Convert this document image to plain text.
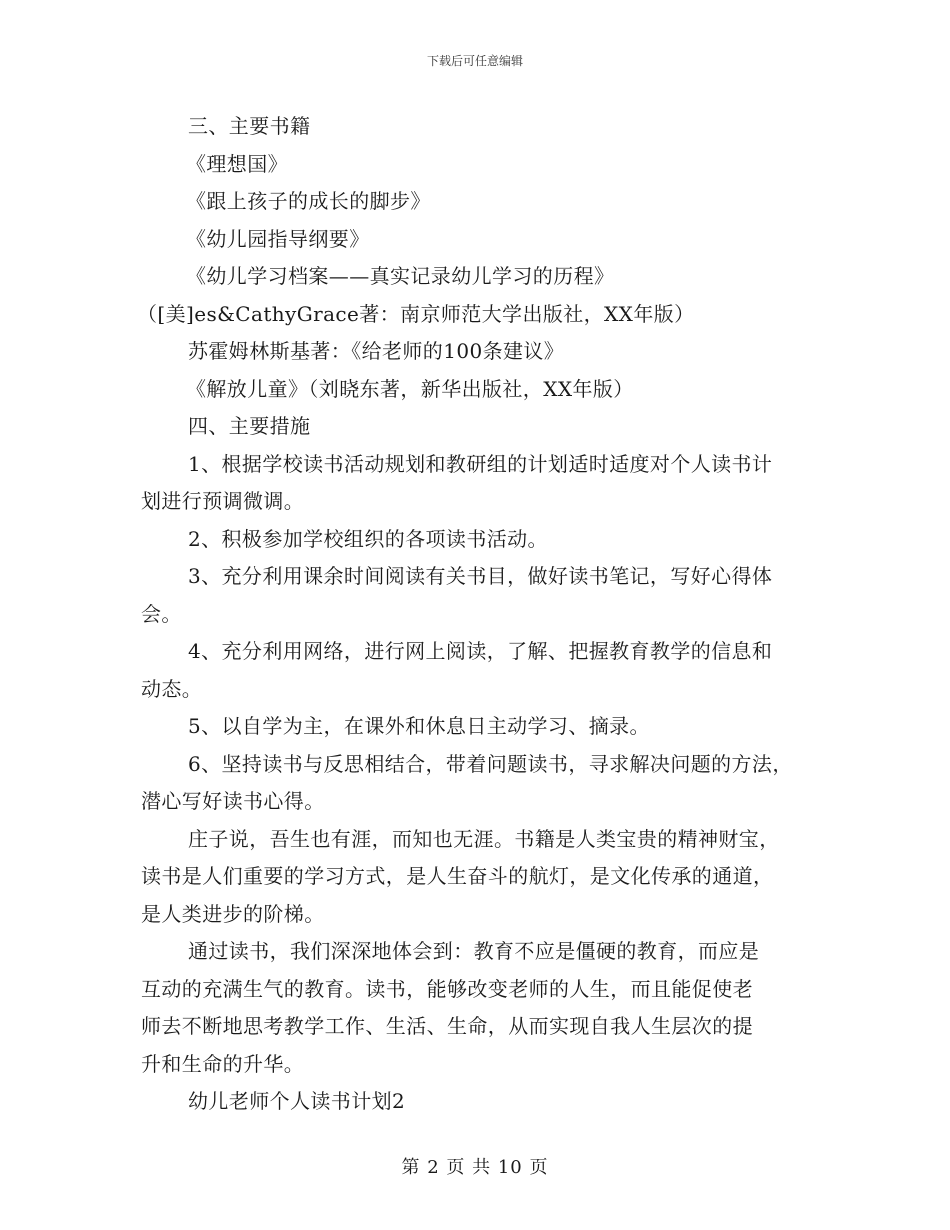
下载后可任意编辑
三、主要书籍
《理想国》
《跟上孩子的成长的脚步》
《幼儿园指导纲要》
《幼儿学习档案——真实记录幼儿学习的历程》
（[美]es&CathyGrace著：南京师范大学出版社，XX年版）
苏霍姆林斯基著：《给老师的100条建议》
《解放儿童》（刘晓东著，新华出版社，XX年版）
四、主要措施
1、根据学校读书活动规划和教研组的计划适时适度对个人读书计
划进行预调微调。
2、积极参加学校组织的各项读书活动。
3、充分利用课余时间阅读有关书目，做好读书笔记，写好心得体
会。
4、充分利用网络，进行网上阅读，了解、把握教育教学的信息和
动态。
5、以自学为主，在课外和休息日主动学习、摘录。
6、坚持读书与反思相结合，带着问题读书，寻求解决问题的方法，
潜心写好读书心得。
庄子说，吾生也有涯，而知也无涯。书籍是人类宝贵的精神财宝，
读书是人们重要的学习方式，是人生奋斗的航灯，是文化传承的通道，
是人类进步的阶梯。
通过读书，我们深深地体会到：教育不应是僵硬的教育，而应是
互动的充满生气的教育。读书，能够改变老师的人生，而且能促使老
师去不断地思考教学工作、生活、生命，从而实现自我人生层次的提
升和生命的升华。
幼儿老师个人读书计划2
第 2 页 共 10 页
